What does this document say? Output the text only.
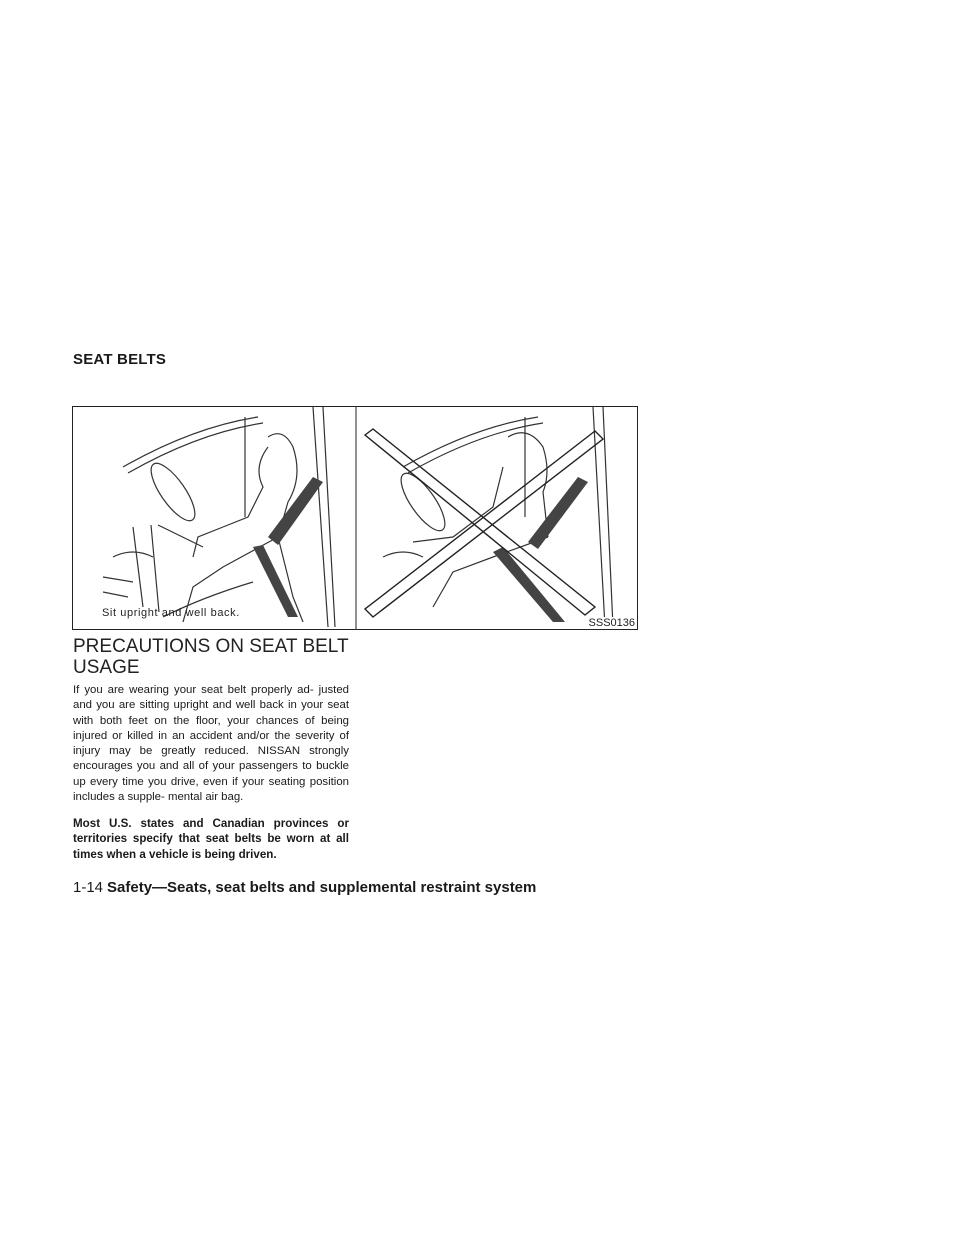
SEAT BELTS
Sit upright and well back.
SSS0136
PRECAUTIONS ON SEAT BELT USAGE

If you are wearing your seat belt properly ad- justed and you are sitting upright and well back in your seat with both feet on the floor, your chances of being injured or killed in an accident and/or the severity of injury may be greatly reduced. NISSAN strongly encourages you and all of your passengers to buckle up every time you drive, even if your seating position includes a supple- mental air bag.

Most U.S. states and Canadian provinces or territories specify that seat belts be worn at all times when a vehicle is being driven.

1-14 Safety—Seats, seat belts and supplemental restraint system
